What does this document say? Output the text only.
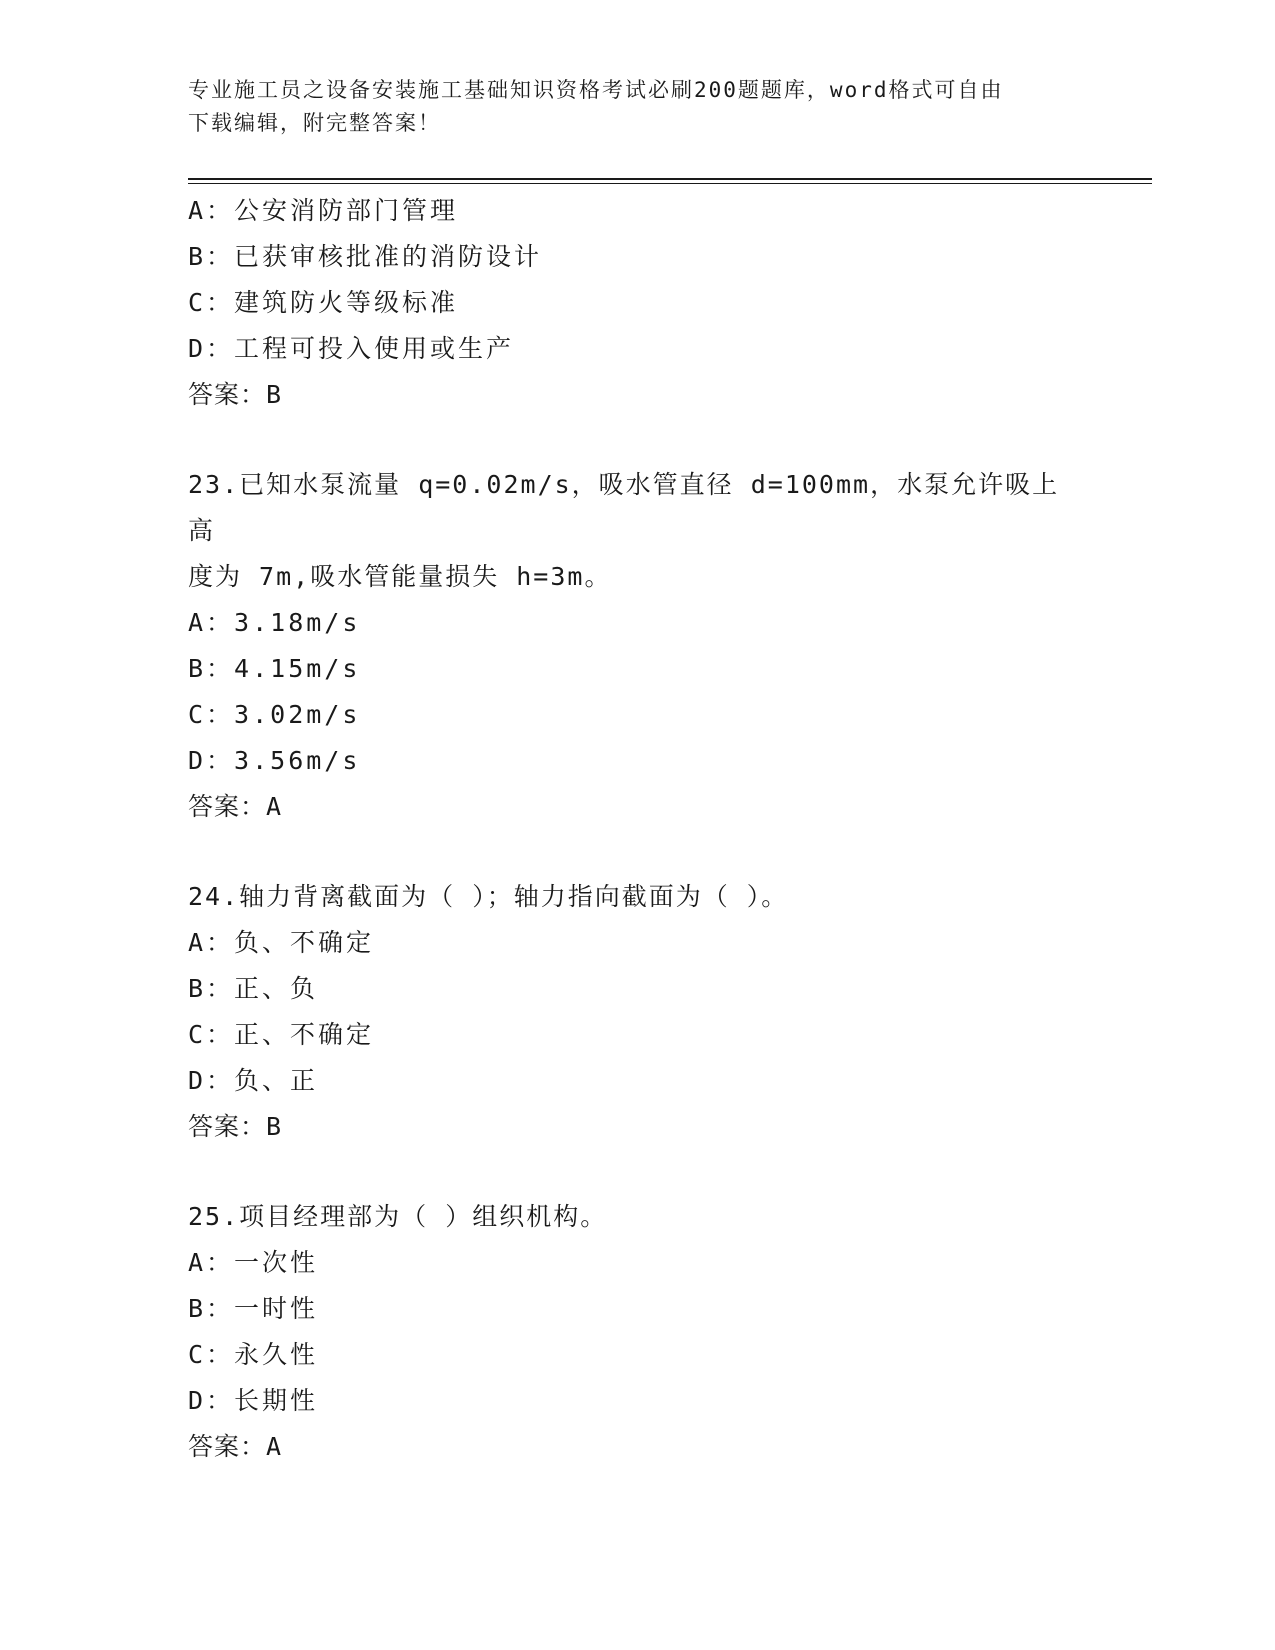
专业施工员之设备安装施工基础知识资格考试必刷200题题库，word格式可自由
下载编辑，附完整答案！
A：公安消防部门管理
B：已获审核批准的消防设计
C：建筑防火等级标准
D：工程可投入使用或生产
答案：B
23.已知水泵流量 q=0.02m/s，吸水管直径 d=100mm，水泵允许吸上高
度为 7m,吸水管能量损失 h=3m。
A：3.18m/s
B：4.15m/s
C：3.02m/s
D：3.56m/s
答案：A
24.轴力背离截面为（ ）；轴力指向截面为（ ）。
A：负、不确定
B：正、负
C：正、不确定
D：负、正
答案：B
25.项目经理部为（ ）组织机构。
A：一次性
B：一时性
C：永久性
D：长期性
答案：A
